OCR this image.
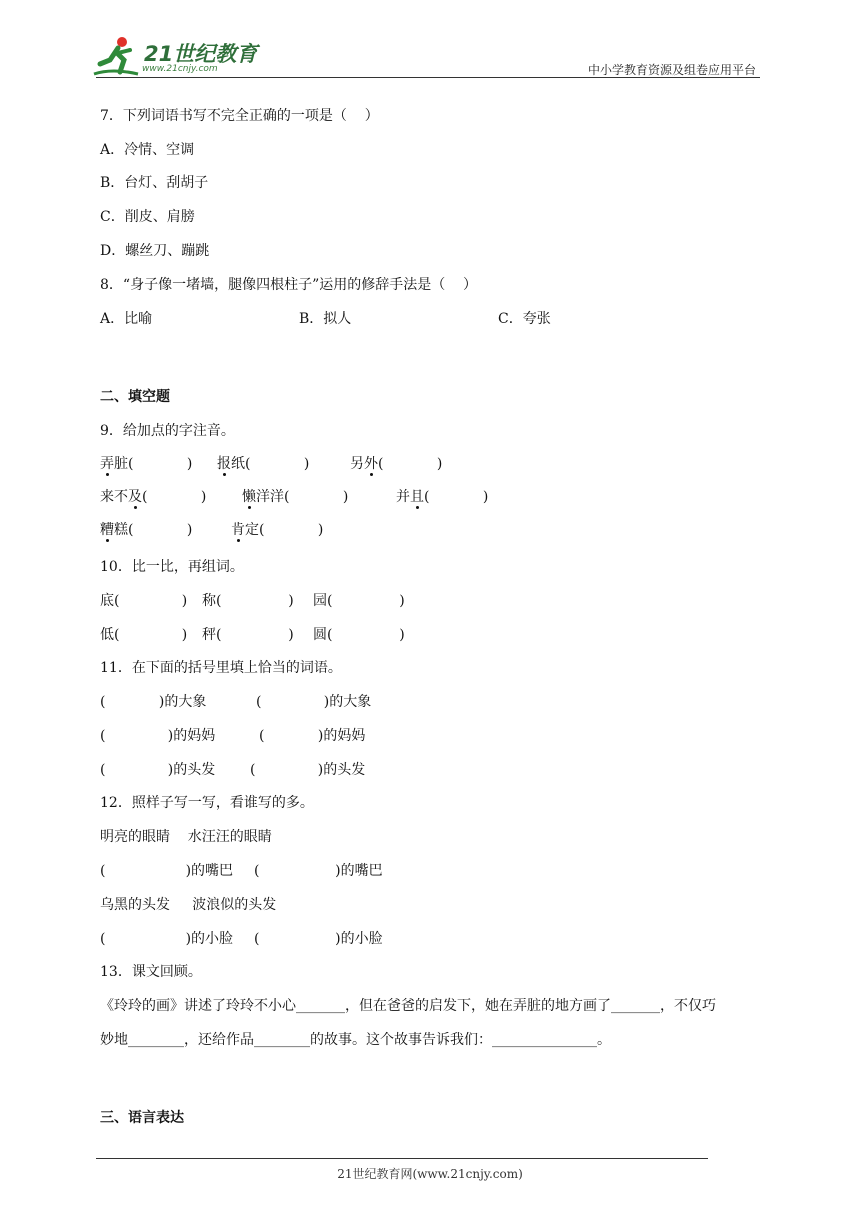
21世纪教育
www.21cnjy.com	中小学教育资源及组卷应用平台
7．下列词语书写不完全正确的一项是（    ）
A．冷情、空调
B．台灯、刮胡子
C．削皮、肩膀
D．螺丝刀、蹦跳
8．“身子像一堵墙，腿像四根柱子”运用的修辞手法是（    ）
A．比喻	B．拟人	C．夸张
二、填空题
9．给加点的字注音。
弄脏(            ) 报纸(            )	另外(            )
来不及(            )	懒洋洋(            )	并且(            )
糟糕(            )	肯定(            )
10．比一比，再组词。
底(              ) 称(               ) 园(               )
低(              ) 秤(               ) 圆(               )
11．在下面的括号里填上恰当的词语。
(            )的大象	(              )的大象
(              )的妈妈	(            )的妈妈
(              )的头发 (              )的头发
12．照样子写一写，看谁写的多。
明亮的眼睛    水汪汪的眼睛
(                  )的嘴巴 (                 )的嘴巴
乌黑的头发     波浪似的头发
(                  )的小脸 (                 )的小脸
13．课文回顾。
《玲玲的画》讲述了玲玲不小心_______，但在爸爸的启发下，她在弄脏的地方画了_______，不仅巧
妙地________，还给作品________的故事。这个故事告诉我们：_______________。
三、语言表达
21世纪教育网(www.21cnjy.com)
